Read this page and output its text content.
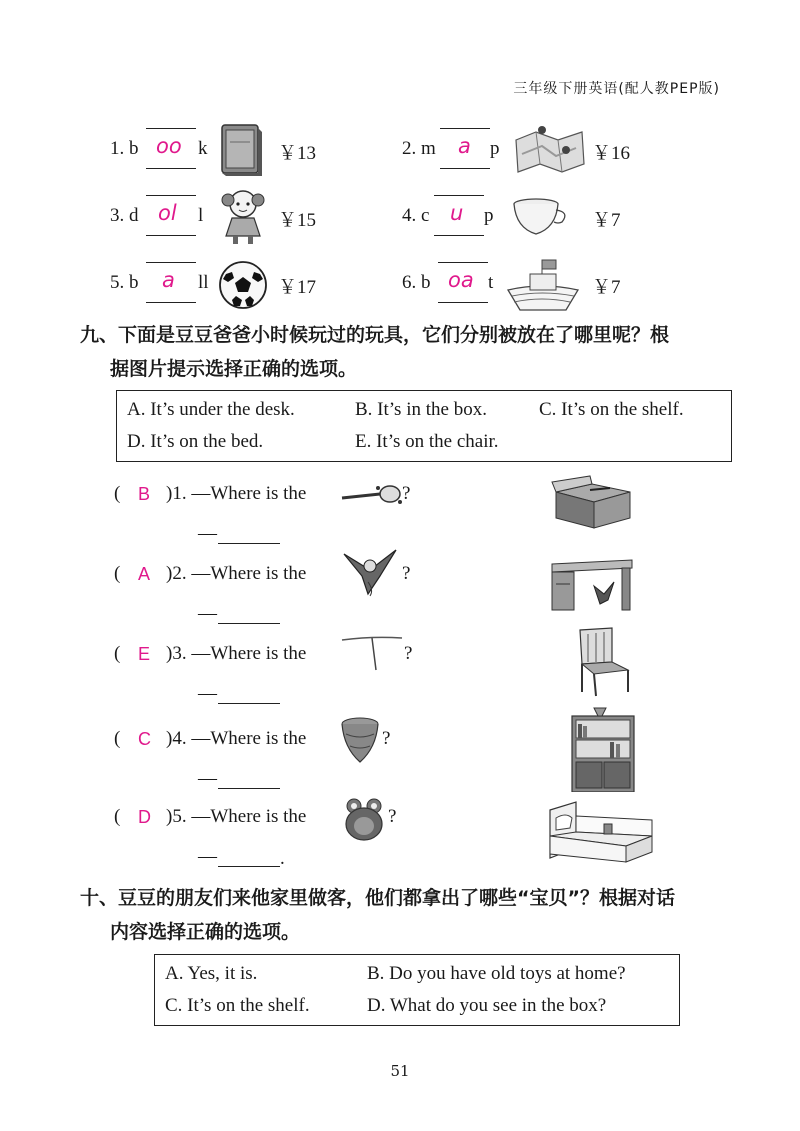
三年级下册英语(配人教PEP版)
1. b oo k	￥13	2. m a p	￥16
3. d ol l	￥15	4. c u p	￥7
5. b a ll	￥17	6. b oa t	￥7
九、下面是豆豆爸爸小时候玩过的玩具，它们分别被放在了哪里呢？根
据图片提示选择正确的选项。
A. It’s under the desk.	B. It’s in the box.	C. It’s on the shelf.
D. It’s on the bed.	E. It’s on the chair.
( B )1. —Where is the	?
—
( A )2. —Where is the	?
—
( E )3. —Where is the	?
—
( C )4. —Where is the	?
—
( D )5. —Where is the	?
—	.
十、豆豆的朋友们来他家里做客，他们都拿出了哪些“宝贝”？根据对话
内容选择正确的选项。
A. Yes, it is.	B. Do you have old toys at home?
C. It’s on the shelf.	D. What do you see in the box?
51
